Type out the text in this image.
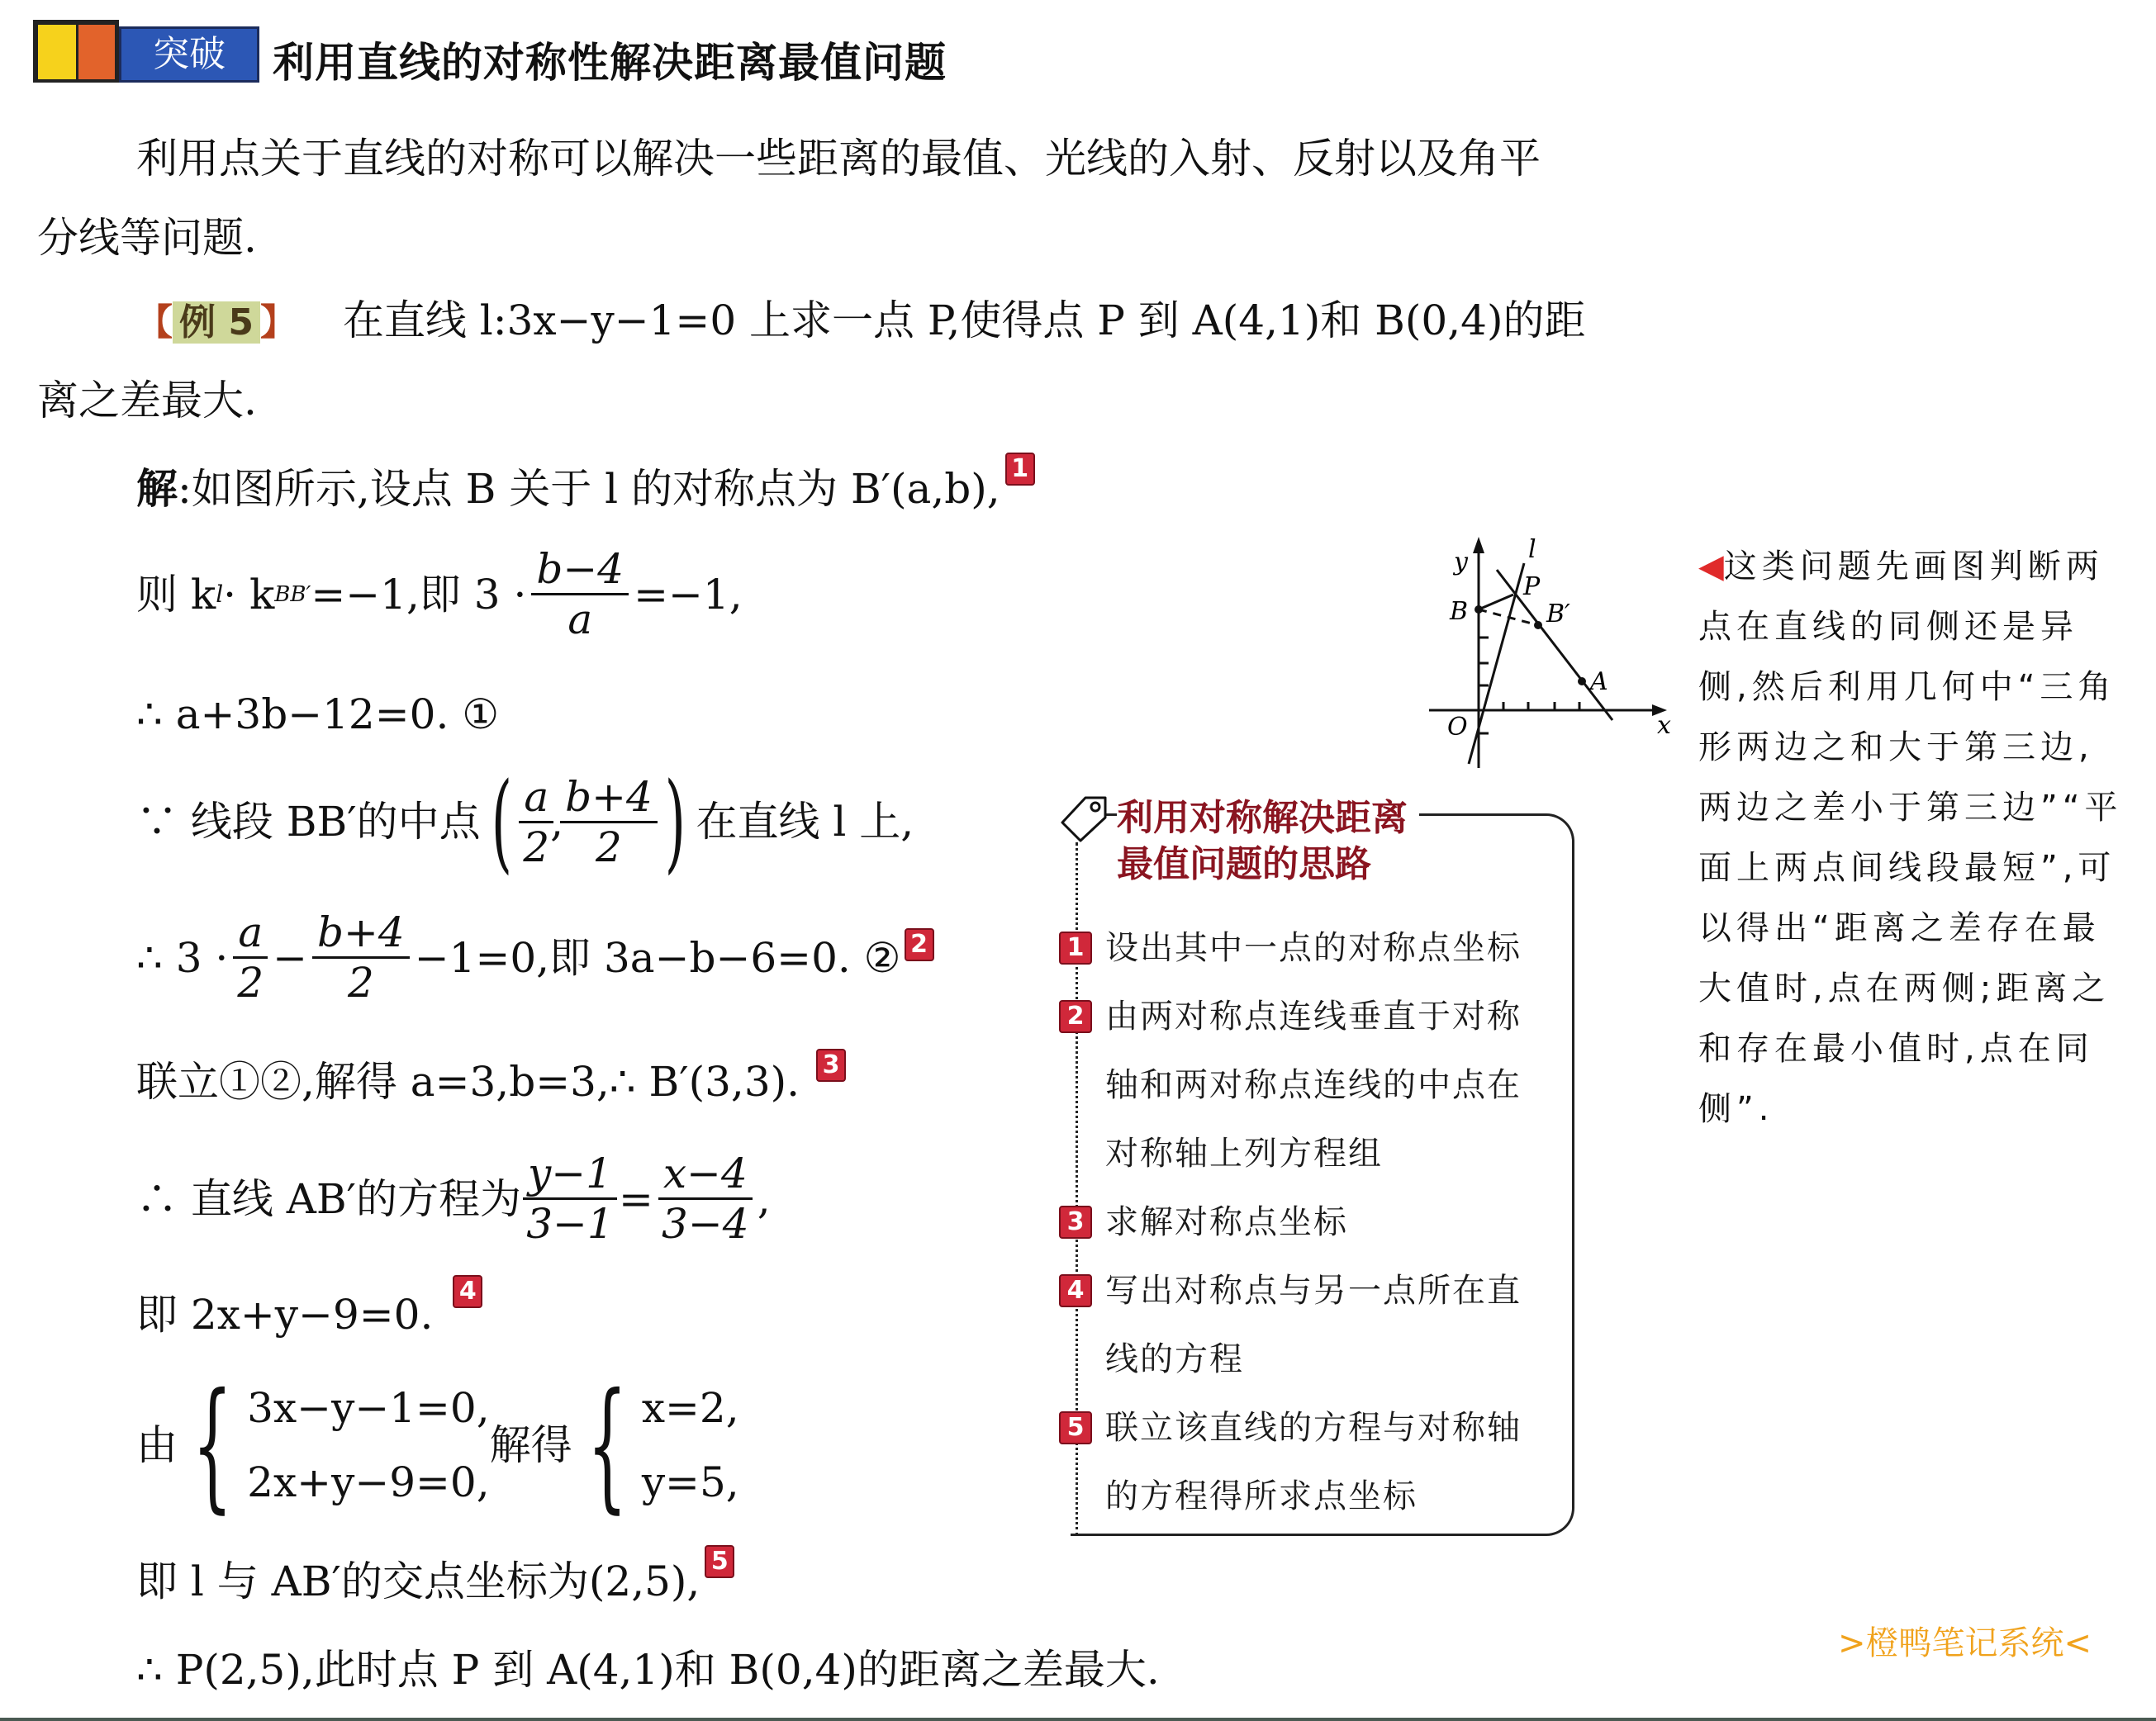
突破	利用直线的对称性解决距离最值问题
利用点关于直线的对称可以解决一些距离的最值、光线的入射、反射以及角平
分线等问题.
【 例 5 】 在直线 l:3x−y−1=0 上求一点 P,使得点 P 到 A(4,1)和 B(0,4)的距
离之差最大.
解:如图所示,设点 B 关于 l 的对称点为 B′(a,b), 1
则 k l · k BB′ =−1,即 $3 \cdot \frac{b-4}{a} =-1$,
∴ a+3b−12=0. ①
∵ 线段 BB′的中点 ( $\frac{a}{2}$
,
$\frac{b+4}{2}$ ) 在直线 l 上,
∴ $3 \cdot \frac{a}{2} - \frac{b+4}{2} -1=0$,即 3a−b−6=0. ② 2
联立①②,解得 a=3,b=3,∴ B′(3,3). 3
∴ 直线 AB′的方程为 $\frac{y-1}{3-1} = \frac{x-4}{3-4}$ ,
即 2x+y−9=0. 4
由 { 3x−y−1=0,
2x+y−9=0,
解得 { x=2,
y=5,
即 l 与 AB′的交点坐标为(2,5), 5
∴ P(2,5),此时点 P 到 A(4,1)和 B(0,4)的距离之差最大.
y l
P
B	B′
A
O	x
◀这类问题先画图判断两点在直线的同侧还是异侧,然后利用几何中“三角形两边之和大于第三边,两边之差小于第三边”“平面上两点间线段最短”,可以得出“距离之差存在最大值时,点在两侧;距离之和存在最小值时,点在同侧”.
利用对称解决距离
最值问题的思路
1 设出其中一点的对称点坐标
2 由两对称点连线垂直于对称轴和两对称点连线的中点在对称轴上列方程组
3 求解对称点坐标
4 写出对称点与另一点所在直线的方程
5 联立该直线的方程与对称轴的方程得所求点坐标
>橙鸭笔记系统<
